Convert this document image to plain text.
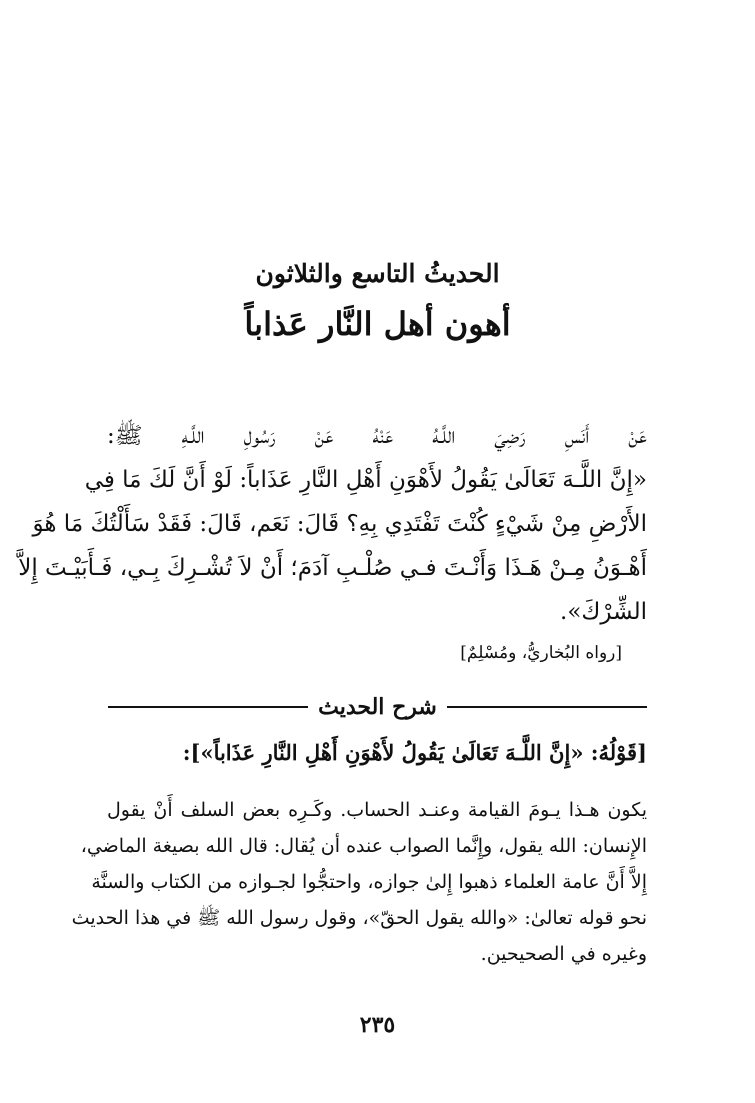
الحديثُ التاسع والثلاثون
أهون أهل النَّار عَذاباً
عَنْ أَنَسِ رَضِيَ اللَّـهُ عَنْهُ عَنْ رَسُولِ اللَّـهِ ﷺ:
«إِنَّ اللَّـهَ تَعَالَىٰ يَقُولُ لأَهْوَنِ أَهْلِ النَّارِ عَذَاباً: لَوْ أَنَّ لَكَ مَا فِي
الأَرْضِ مِنْ شَيْءٍ كُنْتَ تَفْتَدِي بِهِ؟ قَالَ: نَعَم، قَالَ: فَقَدْ سَأَلْتُكَ مَا هُوَ
أَهْـوَنُ مِـنْ هَـذَا وَأَنْـتَ فـي صُلْـبِ آدَمَ؛ أَنْ لاَ تُشْـرِكَ بِـي، فَـأَبَيْـتَ إِلاَّ
الشِّرْكَ».
[رواه البُخاريُّ، ومُسْلِمٌ]
شرح الحديث
[قَوْلُهُ: «إِنَّ اللَّـهَ تَعَالَىٰ يَقُولُ لأَهْوَنِ أَهْلِ النَّارِ عَذَاباً»]:
يكون هـذا يـومَ القيامة وعنـد الحساب. وكَـرِه بعض السلف أَنْ يقول
الإِنسان: الله يقول، وإِنَّما الصواب عنده أن يُقال: قال الله بصيغة الماضي،
إِلاَّ أَنَّ عامة العلماء ذهبوا إِلىٰ جوازه، واحتجُّوا لجـوازه من الكتاب والسنَّة
نحو قوله تعالىٰ: «والله يقول الحقّ»، وقول رسول الله ﷺ في هذا الحديث
وغيره في الصحيحين.
٢٣٥
